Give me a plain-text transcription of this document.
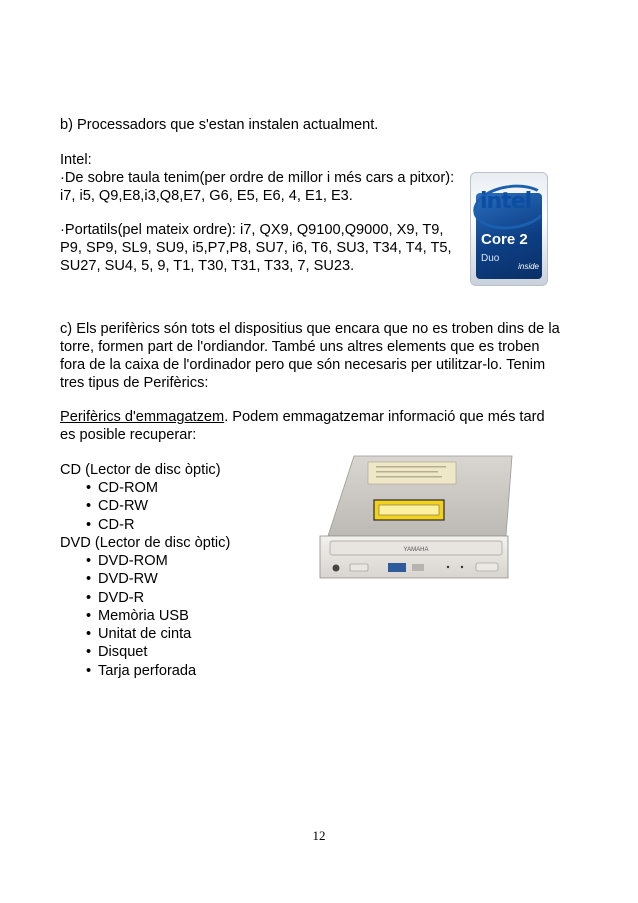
b) Processadors que s'estan instalen actualment.
Intel:
·De sobre taula tenim(per ordre de millor i més cars a pitxor):
i7, i5, Q9,E8,i3,Q8,E7, G6, E5, E6, 4, E1, E3.
·Portatils(pel mateix ordre): i7, QX9, Q9100,Q9000, X9, T9,
P9, SP9, SL9, SU9, i5,P7,P8, SU7, i6, T6, SU3, T34, T4, T5,
SU27, SU4, 5, 9, T1, T30, T31, T33, 7, SU23.
intel
Core 2
Duo
inside
c) Els perifèrics són tots el dispositius que encara que no es troben dins de la
torre, formen part de l'ordiandor. També uns altres elements que es troben
fora de la caixa de l'ordinador pero que són necesaris per utilitzar-lo. Tenim
tres tipus de Perifèrics:
Perifèrics d'emmagatzem. Podem emmagatzemar informació que més tard
es posible recuperar:
CD (Lector de disc òptic)
• CD-ROM
• CD-RW
• CD-R
DVD (Lector de disc òptic)
• DVD-ROM
• DVD-RW
• DVD-R
• Memòria USB
• Unitat de cinta
• Disquet
• Tarja perforada
YAMAHA
12
